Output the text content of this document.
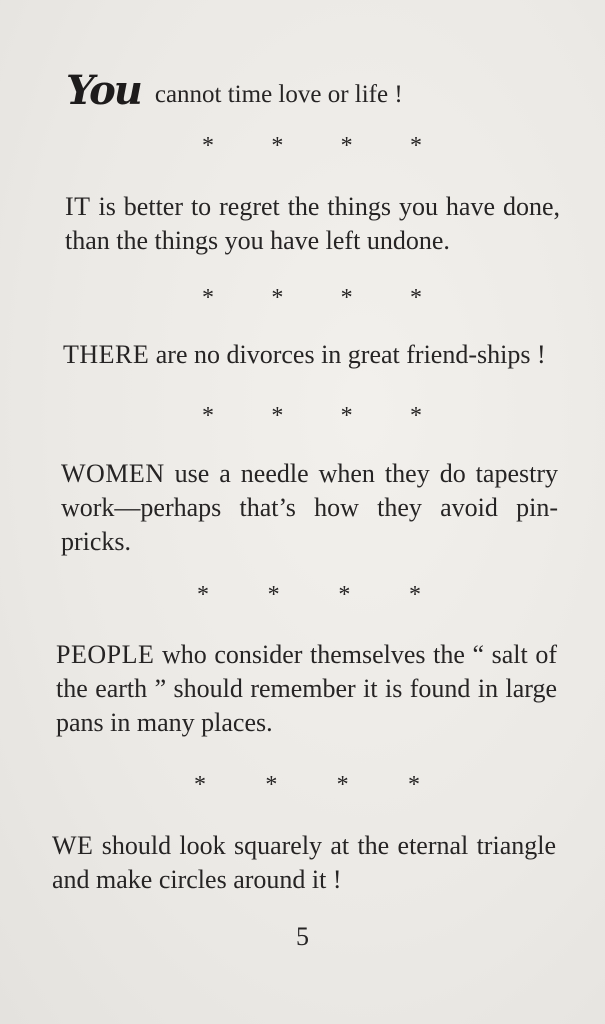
You cannot time love or life !
* * * *
IT is better to regret the things you have done, than the things you have left undone.
* * * *
THERE are no divorces in great friend-ships !
* * * *
WOMEN use a needle when they do tapestry work—perhaps that’s how they avoid pin-pricks.
* * * *
PEOPLE who consider themselves the “ salt of the earth ” should remember it is found in large pans in many places.
* * * *
WE should look squarely at the eternal triangle and make circles around it !
5
